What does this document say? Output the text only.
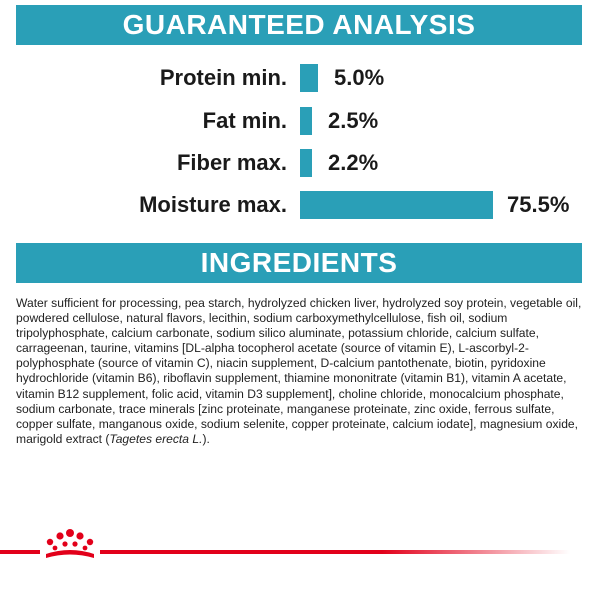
GUARANTEED ANALYSIS
Protein min. 5.0%
Fat min. 2.5%
Fiber max. 2.2%
Moisture max.	75.5%
INGREDIENTS
Water sufficient for processing, pea starch, hydrolyzed chicken liver, hydrolyzed soy protein, vegetable oil, powdered cellulose, natural flavors, lecithin, sodium carboxymethylcellulose, fish oil, sodium tripolyphosphate, calcium carbonate, sodium silico aluminate, potassium chloride, calcium sulfate, carrageenan, taurine, vitamins [DL-alpha tocopherol acetate (source of vitamin E), L-ascorbyl-2-polyphosphate (source of vitamin C), niacin supplement, D-calcium pantothenate, biotin, pyridoxine hydrochloride (vitamin B6), riboflavin supplement, thiamine mononitrate (vitamin B1), vitamin A acetate, vitamin B12 supplement, folic acid, vitamin D3 supplement], choline chloride, monocalcium phosphate, sodium carbonate, trace minerals [zinc proteinate, manganese proteinate, zinc oxide, ferrous sulfate, copper sulfate, manganous oxide, sodium selenite, copper proteinate, calcium iodate], magnesium oxide, marigold extract (Tagetes erecta L.).
